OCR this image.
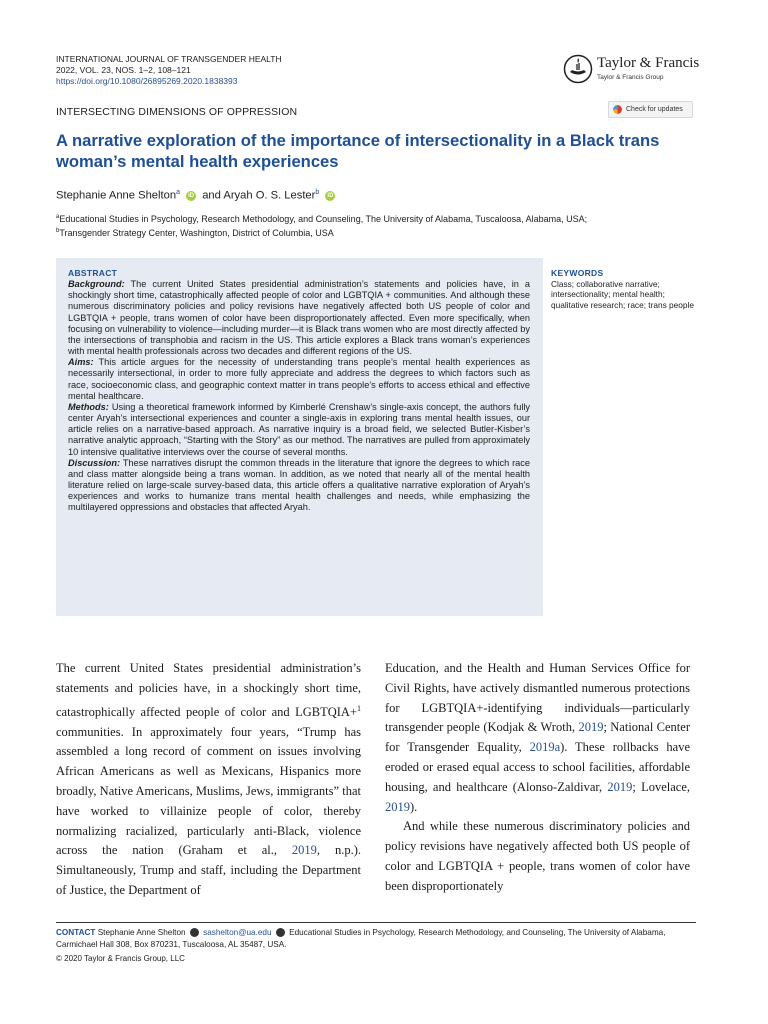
INTERNATIONAL JOURNAL OF TRANSGENDER HEALTH
2022, VOL. 23, NOS. 1–2, 108–121
https://doi.org/10.1080/26895269.2020.1838393
Taylor & Francis
Taylor & Francis Group
INTERSECTING DIMENSIONS OF OPPRESSION	Check for updates
A narrative exploration of the importance of intersectionality in a Black trans woman’s mental health experiences
Stephanie Anne Shelton$^a$ iD and Aryah O. S. Lester$^b$ iD
$^a$Educational Studies in Psychology, Research Methodology, and Counseling, The University of Alabama, Tuscaloosa, Alabama, USA;
$^b$Transgender Strategy Center, Washington, District of Columbia, USA
ABSTRACT
Background: The current United States presidential administration’s statements and policies have, in a shockingly short time, catastrophically affected people of color and LGBTQIA + communities. And although these numerous discriminatory policies and policy revisions have negatively affected both US people of color and LGBTQIA + people, trans women of color have been disproportionately affected. Even more specifically, when focusing on vulnerability to violence—including murder—it is Black trans women who are most directly affected by the intersections of transphobia and racism in the US. This article explores a Black trans woman’s experiences with mental health professionals across two decades and different regions of the US.
Aims: This article argues for the necessity of understanding trans people’s mental health experiences as necessarily intersectional, in order to more fully appreciate and address the degrees to which factors such as race, socioeconomic class, and geographic context matter in trans people’s efforts to access ethical and effective mental healthcare.
Methods: Using a theoretical framework informed by Kimberlé Crenshaw’s single-axis concept, the authors fully center Aryah’s intersectional experiences and counter a single-axis in exploring trans mental health issues, our article relies on a narrative-based approach. As narrative inquiry is a broad field, we selected Butler-Kisber’s narrative analytic approach, “Starting with the Story” as our method. The narratives are pulled from approximately 10 intensive qualitative interviews over the course of several months.
Discussion: These narratives disrupt the common threads in the literature that ignore the degrees to which race and class matter alongside being a trans woman. In addition, as we noted that nearly all of the mental health literature relied on large-scale survey-based data, this article offers a qualitative narrative exploration of Aryah’s experiences and works to humanize trans mental health challenges and needs, while emphasizing the multilayered oppressions and obstacles that affected Aryah.
KEYWORDS
Class; collaborative narrative; intersectionality; mental health; qualitative research; race; trans people

The current United States presidential administration’s statements and policies have, in a shockingly short time, catastrophically affected people of color and LGBTQIA+$^1$ communities. In approximately four years, “Trump has assembled a long record of comment on issues involving African Americans as well as Mexicans, Hispanics more broadly, Native Americans, Muslims, Jews, immigrants” that have worked to villainize people of color, thereby normalizing racialized, particularly anti-Black, violence across the nation (Graham et al., 2019, n.p.). Simultaneously, Trump and staff, including the Department of Justice, the Department of

Education, and the Health and Human Services Office for Civil Rights, have actively dismantled numerous protections for LGBTQIA+-identifying individuals—particularly transgender people (Kodjak & Wroth, 2019; National Center for Transgender Equality, 2019a). These rollbacks have eroded or erased equal access to school facilities, affordable housing, and healthcare (Alonso-Zaldivar, 2019; Lovelace, 2019).

And while these numerous discriminatory policies and policy revisions have negatively affected both US people of color and LGBTQIA + people, trans women of color have been disproportionately

CONTACT Stephanie Anne Shelton sashelton@ua.edu Educational Studies in Psychology, Research Methodology, and Counseling, The University of Alabama, Carmichael Hall 308, Box 870231, Tuscaloosa, AL 35487, USA.
© 2020 Taylor & Francis Group, LLC
